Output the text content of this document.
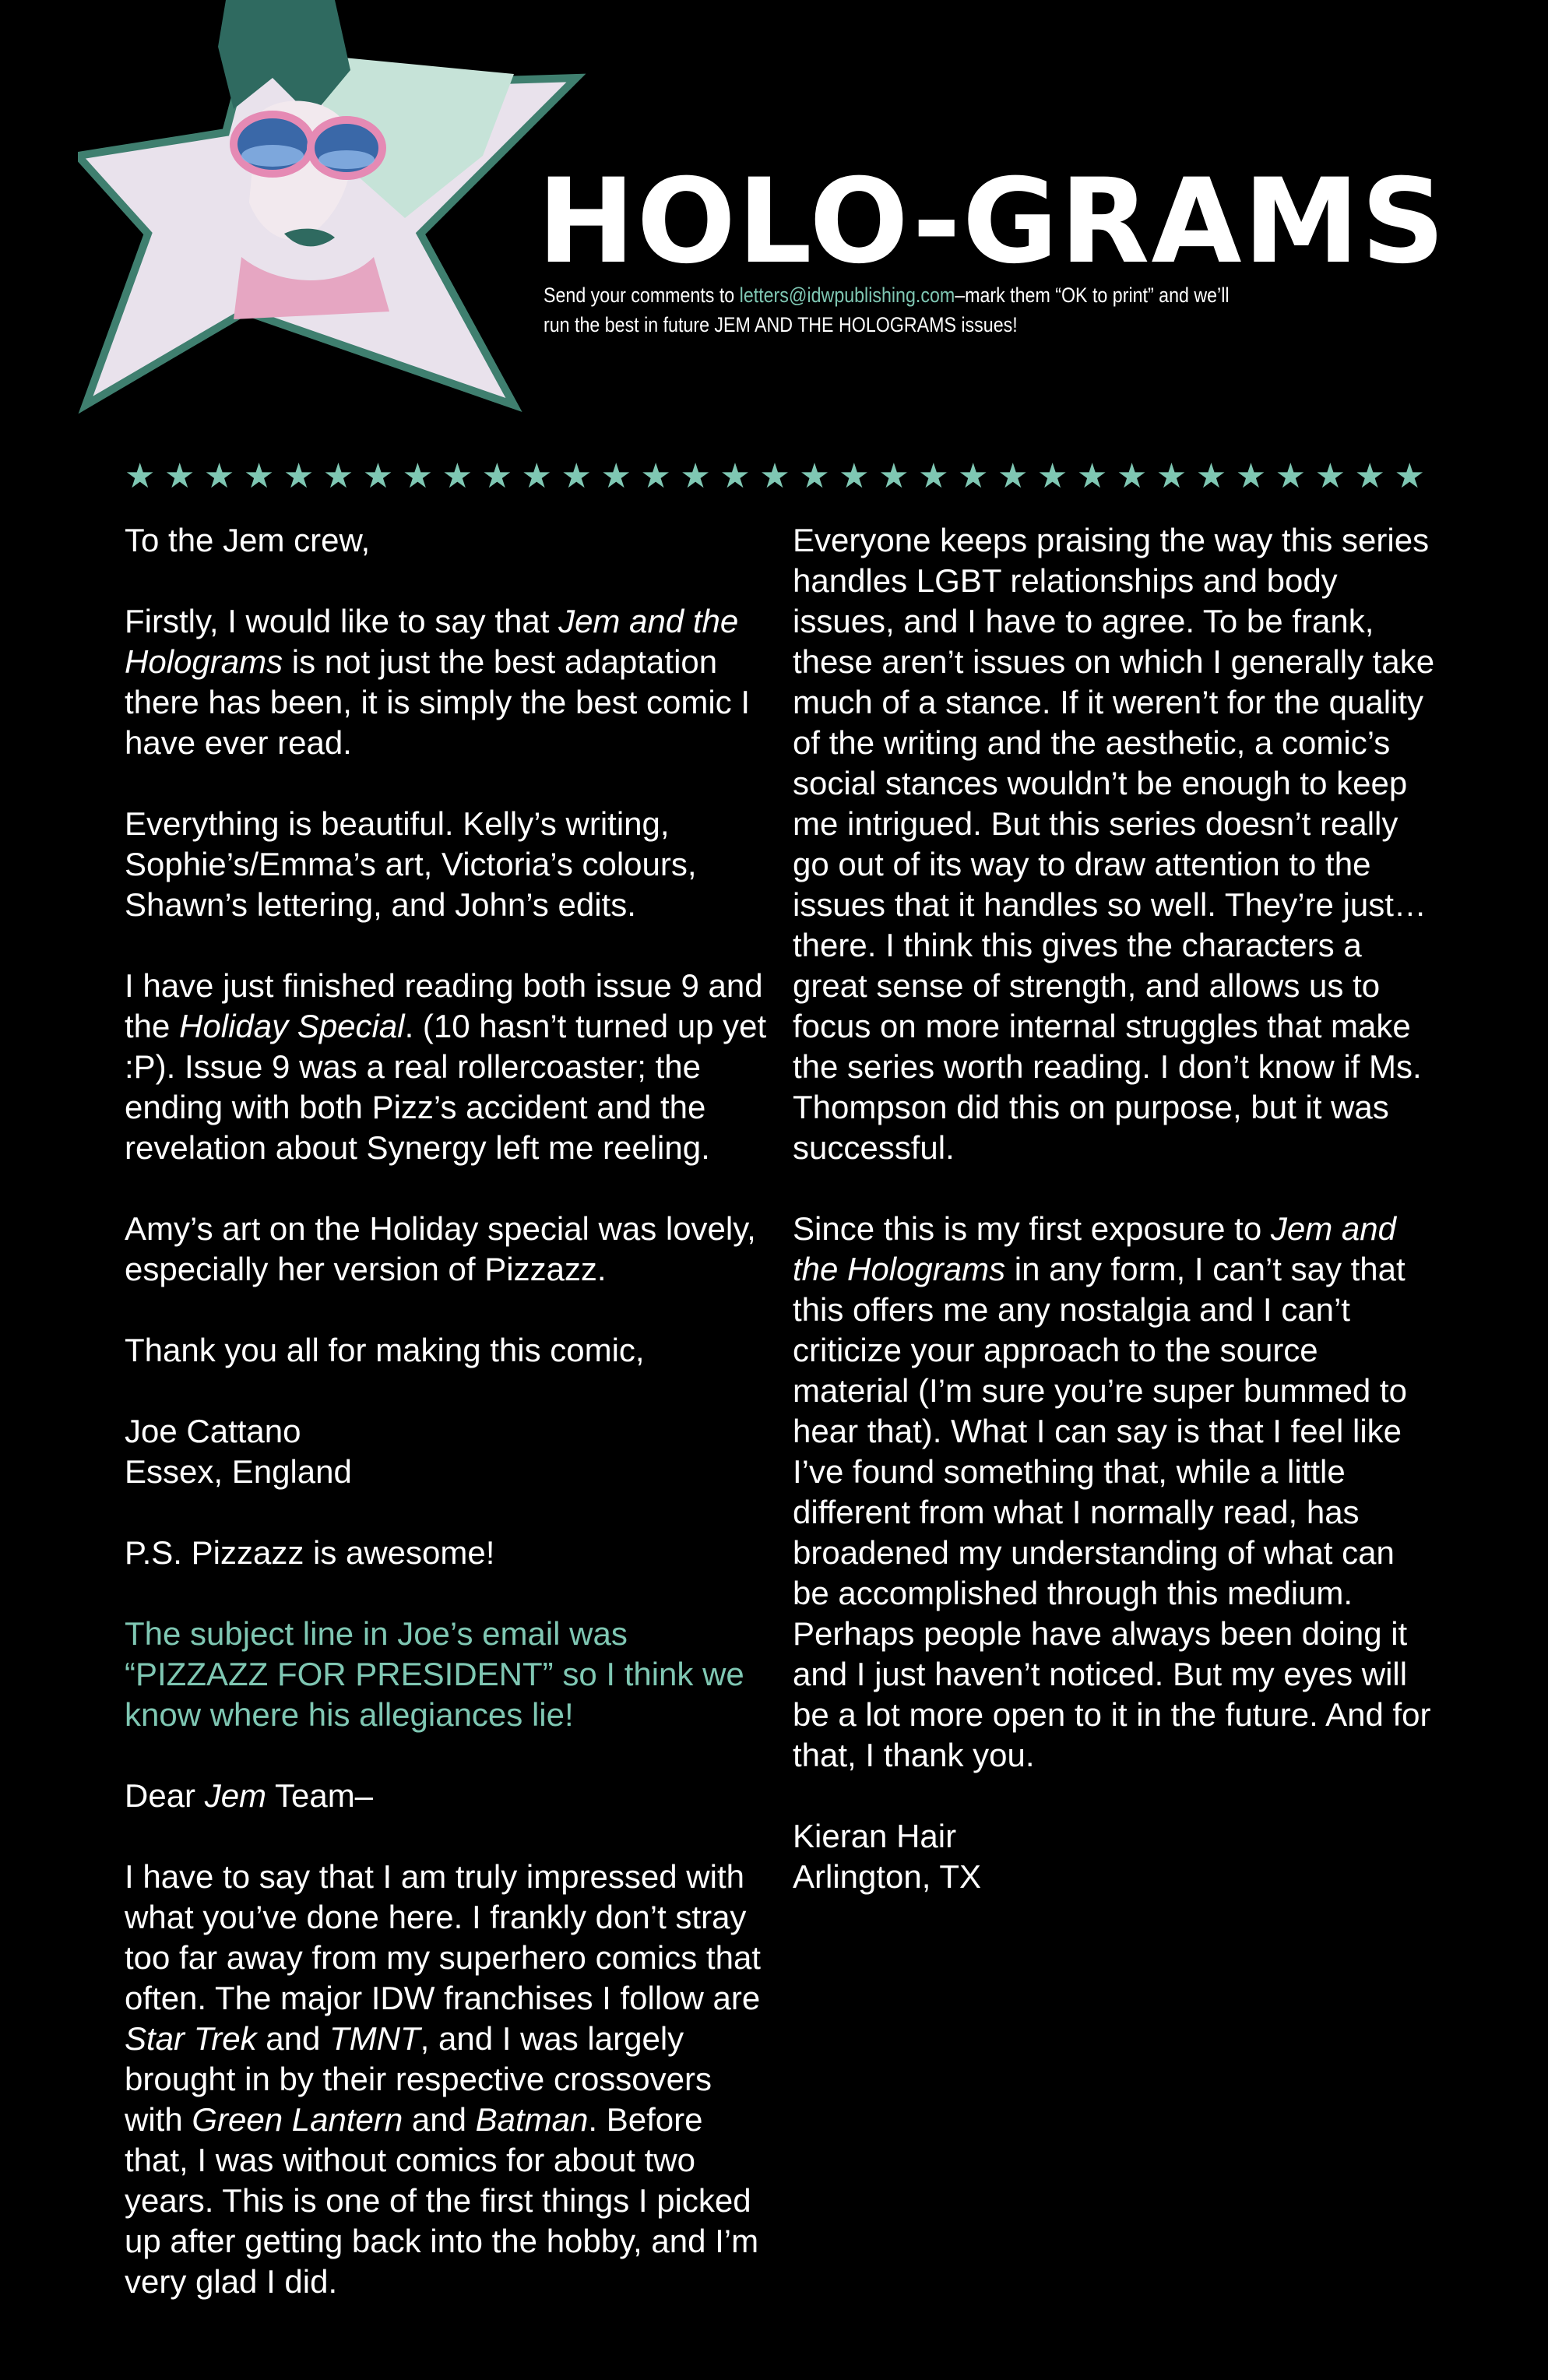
HOLO-GRAMS
Send your comments to letters@idwpublishing.com–mark them “OK to print” and we’ll run the best in future JEM AND THE HOLOGRAMS issues!
★ ★ ★ ★ ★ ★ ★ ★ ★ ★ ★ ★ ★ ★ ★ ★ ★ ★ ★ ★ ★ ★ ★ ★ ★ ★ ★ ★ ★ ★ ★ ★ ★

To the Jem crew,

Firstly, I would like to say that Jem and the Holograms is not just the best adaptation there has been, it is simply the best comic I have ever read.

Everything is beautiful. Kelly’s writing, Sophie’s/Emma’s art, Victoria’s colours, Shawn’s lettering, and John’s edits.

I have just finished reading both issue 9 and the Holiday Special. (10 hasn’t turned up yet :P). Issue 9 was a real rollercoaster; the ending with both Pizz’s accident and the revelation about Synergy left me reeling.

Amy’s art on the Holiday special was lovely, especially her version of Pizzazz.

Thank you all for making this comic,

Joe Cattano

Essex, England

P.S. Pizzazz is awesome!

The subject line in Joe’s email was “PIZZAZZ FOR PRESIDENT” so I think we know where his allegiances lie!

Dear Jem Team–

I have to say that I am truly impressed with what you’ve done here. I frankly don’t stray too far away from my superhero comics that often. The major IDW franchises I follow are Star Trek and TMNT, and I was largely brought in by their respective crossovers with Green Lantern and Batman. Before that, I was without comics for about two years. This is one of the first things I picked up after getting back into the hobby, and I’m very glad I did.

Everyone keeps praising the way this series handles LGBT relationships and body issues, and I have to agree. To be frank, these aren’t issues on which I generally take much of a stance. If it weren’t for the quality of the writing and the aesthetic, a comic’s social stances wouldn’t be enough to keep me intrigued. But this series doesn’t really go out of its way to draw attention to the issues that it handles so well. They’re just… there. I think this gives the characters a great sense of strength, and allows us to focus on more internal struggles that make the series worth reading. I don’t know if Ms. Thompson did this on purpose, but it was successful.

Since this is my first exposure to Jem and the Holograms in any form, I can’t say that this offers me any nostalgia and I can’t criticize your approach to the source material (I’m sure you’re super bummed to hear that). What I can say is that I feel like I’ve found something that, while a little different from what I normally read, has broadened my understanding of what can be accomplished through this medium. Perhaps people have always been doing it and I just haven’t noticed. But my eyes will be a lot more open to it in the future. And for that, I thank you.

Kieran Hair

Arlington, TX
